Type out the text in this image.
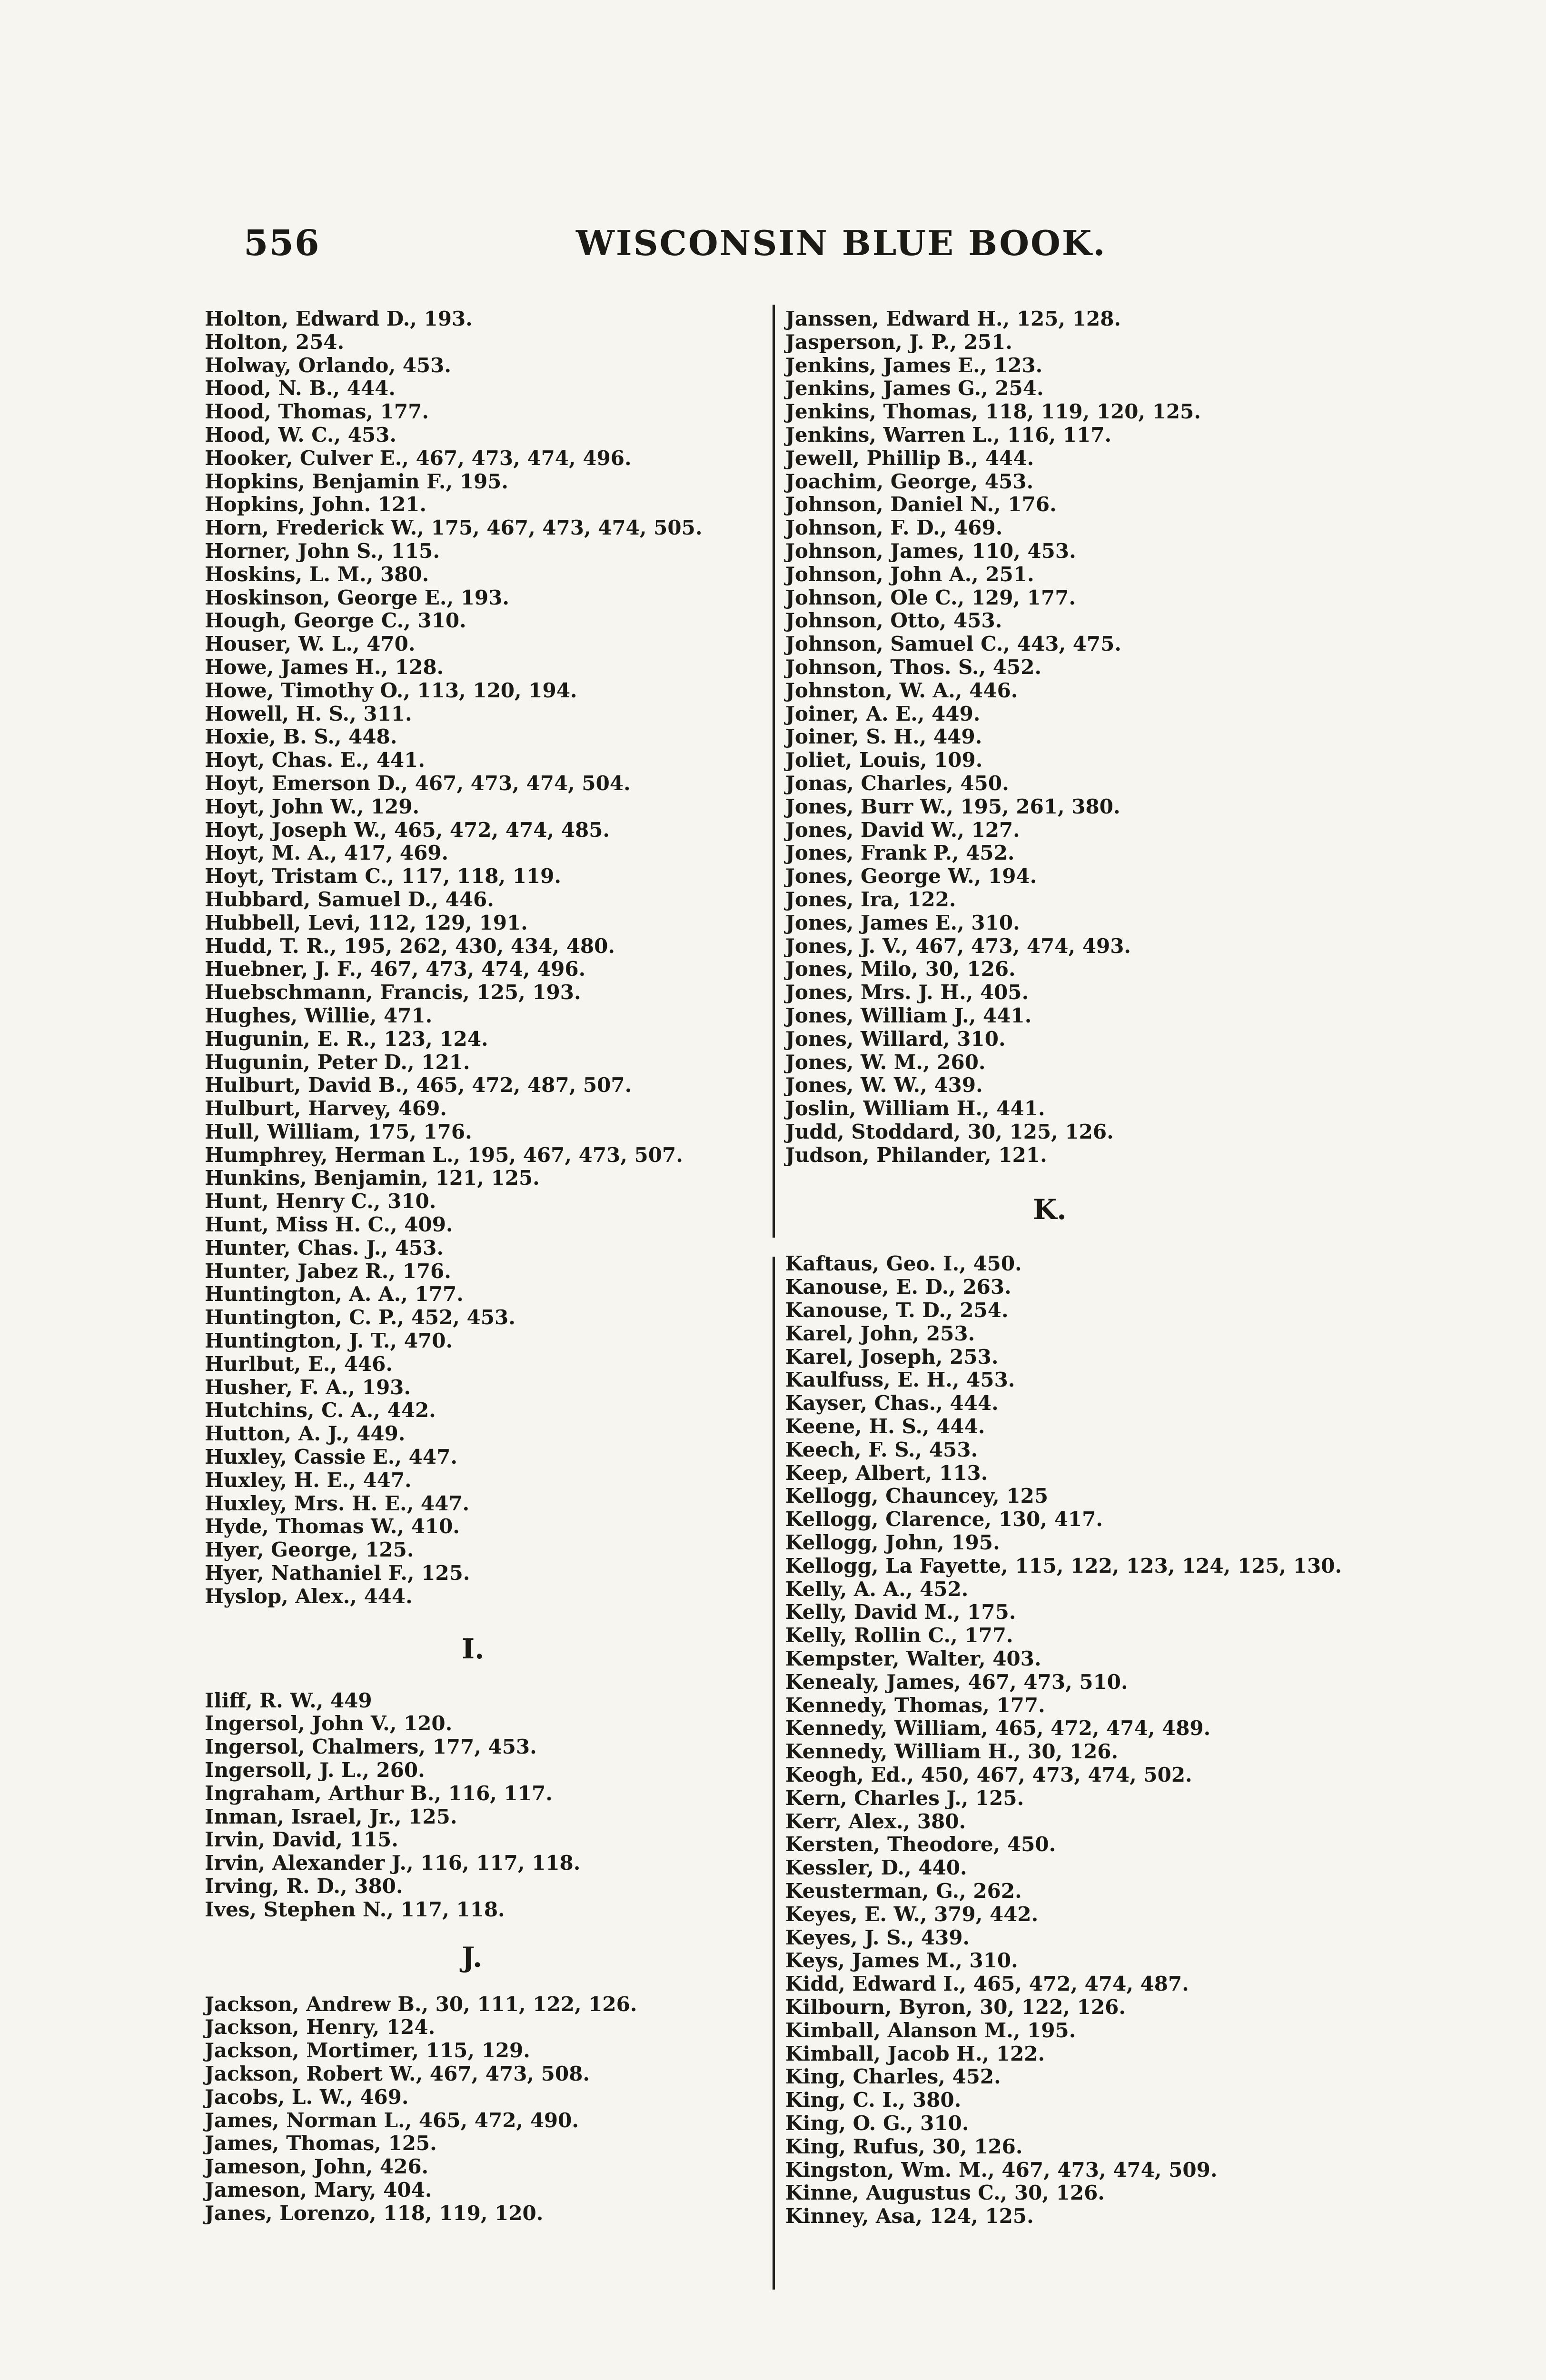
556	WISCONSIN BLUE BOOK.
Holton, Edward D., 193.
Holton, 254.
Holway, Orlando, 453.
Hood, N. B., 444.
Hood, Thomas, 177.
Hood, W. C., 453.
Hooker, Culver E., 467, 473, 474, 496.
Hopkins, Benjamin F., 195.
Hopkins, John. 121.
Horn, Frederick W., 175, 467, 473, 474, 505.
Horner, John S., 115.
Hoskins, L. M., 380.
Hoskinson, George E., 193.
Hough, George C., 310.
Houser, W. L., 470.
Howe, James H., 128.
Howe, Timothy O., 113, 120, 194.
Howell, H. S., 311.
Hoxie, B. S., 448.
Hoyt, Chas. E., 441.
Hoyt, Emerson D., 467, 473, 474, 504.
Hoyt, John W., 129.
Hoyt, Joseph W., 465, 472, 474, 485.
Hoyt, M. A., 417, 469.
Hoyt, Tristam C., 117, 118, 119.
Hubbard, Samuel D., 446.
Hubbell, Levi, 112, 129, 191.
Hudd, T. R., 195, 262, 430, 434, 480.
Huebner, J. F., 467, 473, 474, 496.
Huebschmann, Francis, 125, 193.
Hughes, Willie, 471.
Hugunin, E. R., 123, 124.
Hugunin, Peter D., 121.
Hulburt, David B., 465, 472, 487, 507.
Hulburt, Harvey, 469.
Hull, William, 175, 176.
Humphrey, Herman L., 195, 467, 473, 507.
Hunkins, Benjamin, 121, 125.
Hunt, Henry C., 310.
Hunt, Miss H. C., 409.
Hunter, Chas. J., 453.
Hunter, Jabez R., 176.
Huntington, A. A., 177.
Huntington, C. P., 452, 453.
Huntington, J. T., 470.
Hurlbut, E., 446.
Husher, F. A., 193.
Hutchins, C. A., 442.
Hutton, A. J., 449.
Huxley, Cassie E., 447.
Huxley, H. E., 447.
Huxley, Mrs. H. E., 447.
Hyde, Thomas W., 410.
Hyer, George, 125.
Hyer, Nathaniel F., 125.
Hyslop, Alex., 444.
I.
Iliff, R. W., 449
Ingersol, John V., 120.
Ingersol, Chalmers, 177, 453.
Ingersoll, J. L., 260.
Ingraham, Arthur B., 116, 117.
Inman, Israel, Jr., 125.
Irvin, David, 115.
Irvin, Alexander J., 116, 117, 118.
Irving, R. D., 380.
Ives, Stephen N., 117, 118.
J.
Jackson, Andrew B., 30, 111, 122, 126.
Jackson, Henry, 124.
Jackson, Mortimer, 115, 129.
Jackson, Robert W., 467, 473, 508.
Jacobs, L. W., 469.
James, Norman L., 465, 472, 490.
James, Thomas, 125.
Jameson, John, 426.
Jameson, Mary, 404.
Janes, Lorenzo, 118, 119, 120.
Janssen, Edward H., 125, 128.
Jasperson, J. P., 251.
Jenkins, James E., 123.
Jenkins, James G., 254.
Jenkins, Thomas, 118, 119, 120, 125.
Jenkins, Warren L., 116, 117.
Jewell, Phillip B., 444.
Joachim, George, 453.
Johnson, Daniel N., 176.
Johnson, F. D., 469.
Johnson, James, 110, 453.
Johnson, John A., 251.
Johnson, Ole C., 129, 177.
Johnson, Otto, 453.
Johnson, Samuel C., 443, 475.
Johnson, Thos. S., 452.
Johnston, W. A., 446.
Joiner, A. E., 449.
Joiner, S. H., 449.
Joliet, Louis, 109.
Jonas, Charles, 450.
Jones, Burr W., 195, 261, 380.
Jones, David W., 127.
Jones, Frank P., 452.
Jones, George W., 194.
Jones, Ira, 122.
Jones, James E., 310.
Jones, J. V., 467, 473, 474, 493.
Jones, Milo, 30, 126.
Jones, Mrs. J. H., 405.
Jones, William J., 441.
Jones, Willard, 310.
Jones, W. M., 260.
Jones, W. W., 439.
Joslin, William H., 441.
Judd, Stoddard, 30, 125, 126.
Judson, Philander, 121.
K.
Kaftaus, Geo. I., 450.
Kanouse, E. D., 263.
Kanouse, T. D., 254.
Karel, John, 253.
Karel, Joseph, 253.
Kaulfuss, E. H., 453.
Kayser, Chas., 444.
Keene, H. S., 444.
Keech, F. S., 453.
Keep, Albert, 113.
Kellogg, Chauncey, 125
Kellogg, Clarence, 130, 417.
Kellogg, John, 195.
Kellogg, La Fayette, 115, 122, 123, 124, 125, 130.
Kelly, A. A., 452.
Kelly, David M., 175.
Kelly, Rollin C., 177.
Kempster, Walter, 403.
Kenealy, James, 467, 473, 510.
Kennedy, Thomas, 177.
Kennedy, William, 465, 472, 474, 489.
Kennedy, William H., 30, 126.
Keogh, Ed., 450, 467, 473, 474, 502.
Kern, Charles J., 125.
Kerr, Alex., 380.
Kersten, Theodore, 450.
Kessler, D., 440.
Keusterman, G., 262.
Keyes, E. W., 379, 442.
Keyes, J. S., 439.
Keys, James M., 310.
Kidd, Edward I., 465, 472, 474, 487.
Kilbourn, Byron, 30, 122, 126.
Kimball, Alanson M., 195.
Kimball, Jacob H., 122.
King, Charles, 452.
King, C. I., 380.
King, O. G., 310.
King, Rufus, 30, 126.
Kingston, Wm. M., 467, 473, 474, 509.
Kinne, Augustus C., 30, 126.
Kinney, Asa, 124, 125.
